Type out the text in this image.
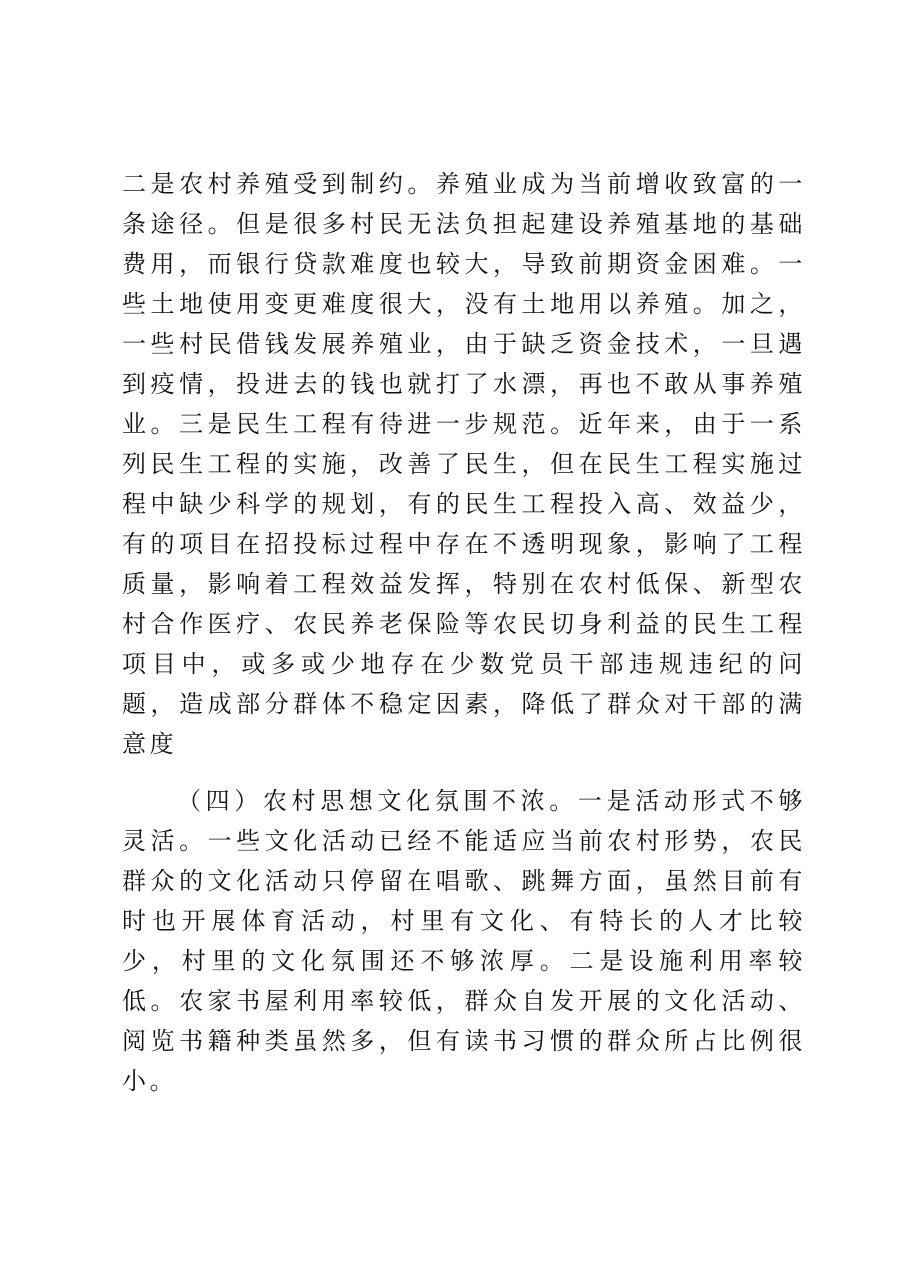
二是农村养殖受到制约。养殖业成为当前增收致富的一条途径。但是很多村民无法负担起建设养殖基地的基础费用，而银行贷款难度也较大，导致前期资金困难。一些土地使用变更难度很大，没有土地用以养殖。加之，一些村民借钱发展养殖业，由于缺乏资金技术，一旦遇到疫情，投进去的钱也就打了水漂，再也不敢从事养殖业。三是民生工程有待进一步规范。近年来，由于一系列民生工程的实施，改善了民生，但在民生工程实施过程中缺少科学的规划，有的民生工程投入高、效益少，有的项目在招投标过程中存在不透明现象，影响了工程质量，影响着工程效益发挥，特别在农村低保、新型农村合作医疗、农民养老保险等农民切身利益的民生工程项目中，或多或少地存在少数党员干部违规违纪的问题，造成部分群体不稳定因素，降低了群众对干部的满意度

（四）农村思想文化氛围不浓。一是活动形式不够灵活。一些文化活动已经不能适应当前农村形势，农民群众的文化活动只停留在唱歌、跳舞方面，虽然目前有时也开展体育活动，村里有文化、有特长的人才比较少，村里的文化氛围还不够浓厚。二是设施利用率较低。农家书屋利用率较低，群众自发开展的文化活动、阅览书籍种类虽然多，但有读书习惯的群众所占比例很小。
